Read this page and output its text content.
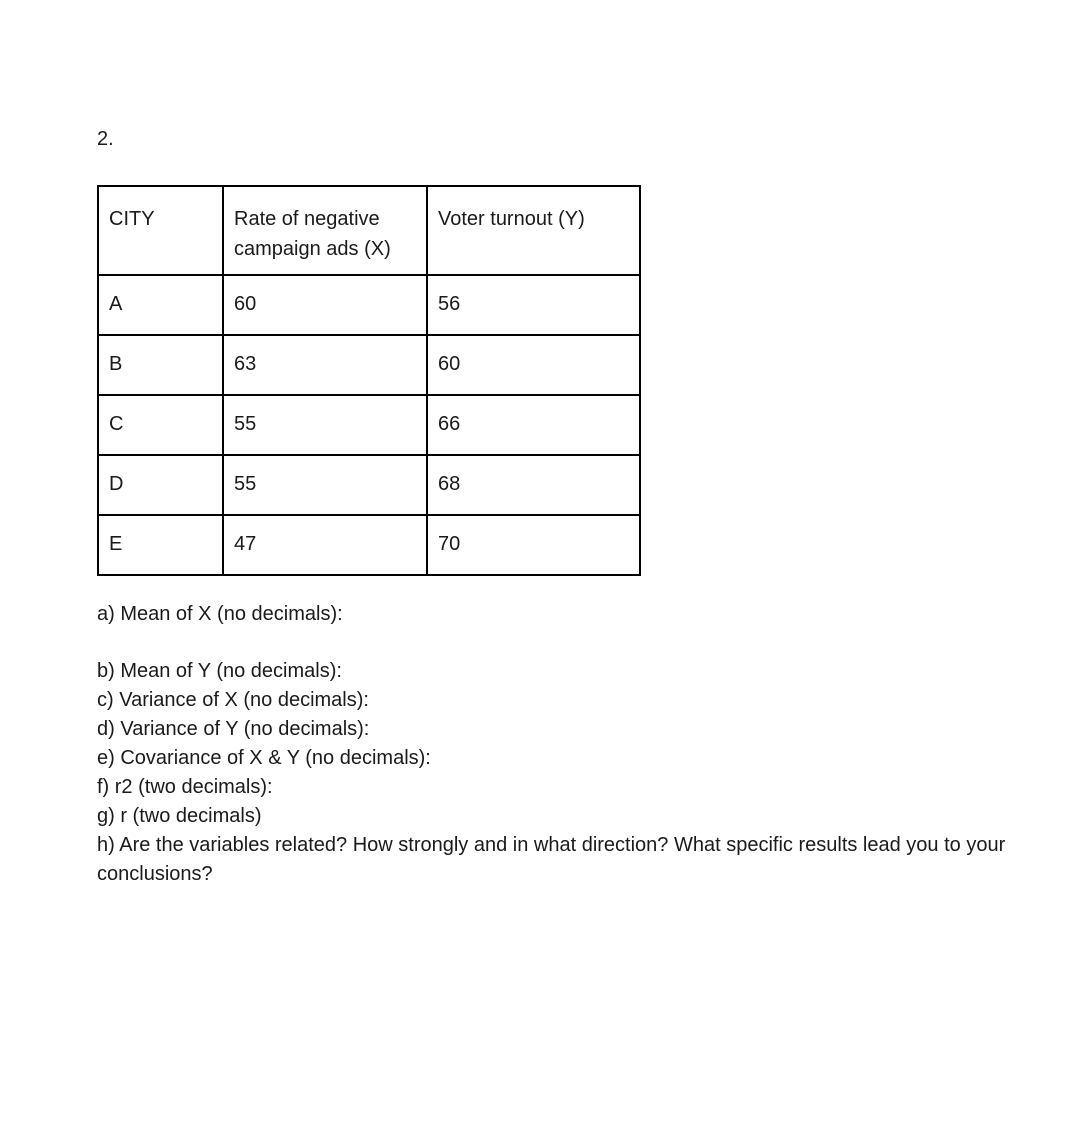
2.
CITY	Rate of negative campaign ads (X)	Voter turnout (Y)
A	60	56
B	63	60
C	55	66
D	55	68
E	47	70
a) Mean of X (no decimals):
b) Mean of Y (no decimals):
c) Variance of X (no decimals):
d) Variance of Y (no decimals):
e) Covariance of X & Y (no decimals):
f) r2 (two decimals):
g) r (two decimals)
h) Are the variables related? How strongly and in what direction? What specific results lead you to your conclusions?
